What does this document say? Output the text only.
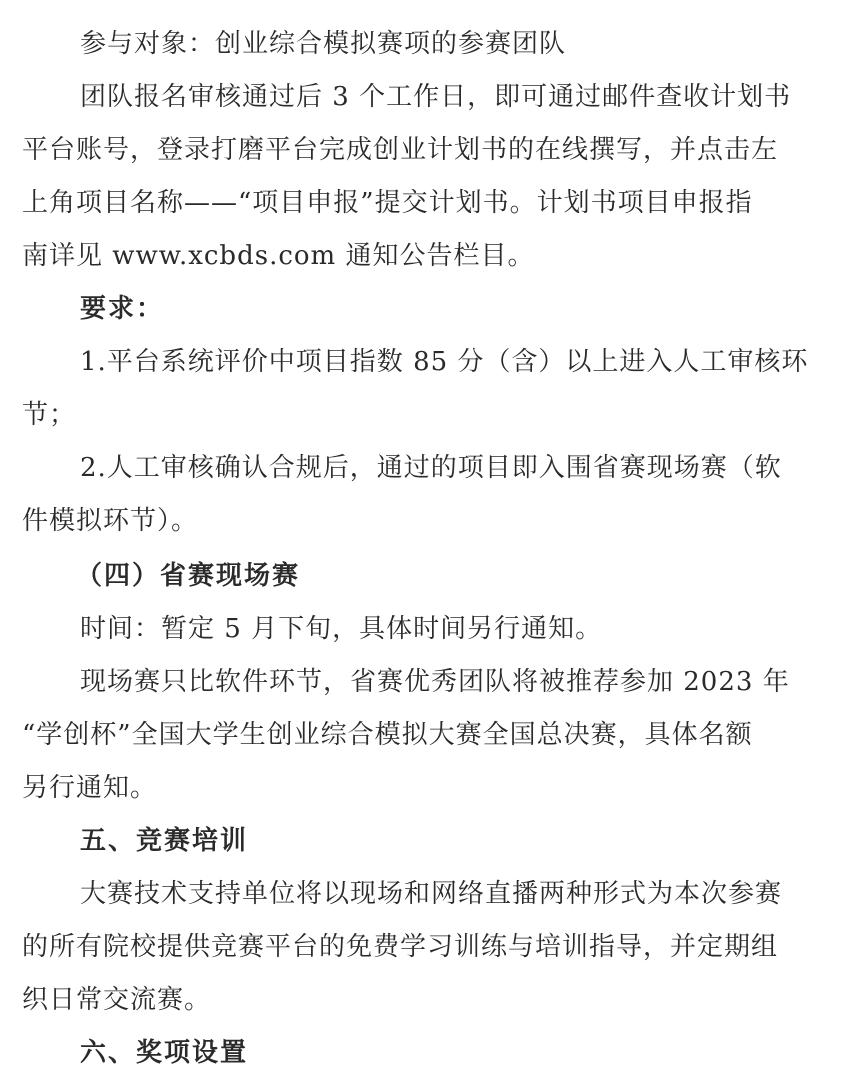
参与对象：创业综合模拟赛项的参赛团队
团队报名审核通过后 3 个工作日，即可通过邮件查收计划书
平台账号，登录打磨平台完成创业计划书的在线撰写，并点击左
上角项目名称——“项目申报”提交计划书。计划书项目申报指
南详见 www.xcbds.com 通知公告栏目。
要求：
1.平台系统评价中项目指数 85 分（含）以上进入人工审核环
节；
2.人工审核确认合规后，通过的项目即入围省赛现场赛（软
件模拟环节）。
（四）省赛现场赛
时间：暂定 5 月下旬，具体时间另行通知。
现场赛只比软件环节，省赛优秀团队将被推荐参加 2023 年
“学创杯”全国大学生创业综合模拟大赛全国总决赛，具体名额
另行通知。
五、竞赛培训
大赛技术支持单位将以现场和网络直播两种形式为本次参赛
的所有院校提供竞赛平台的免费学习训练与培训指导，并定期组
织日常交流赛。
六、奖项设置
